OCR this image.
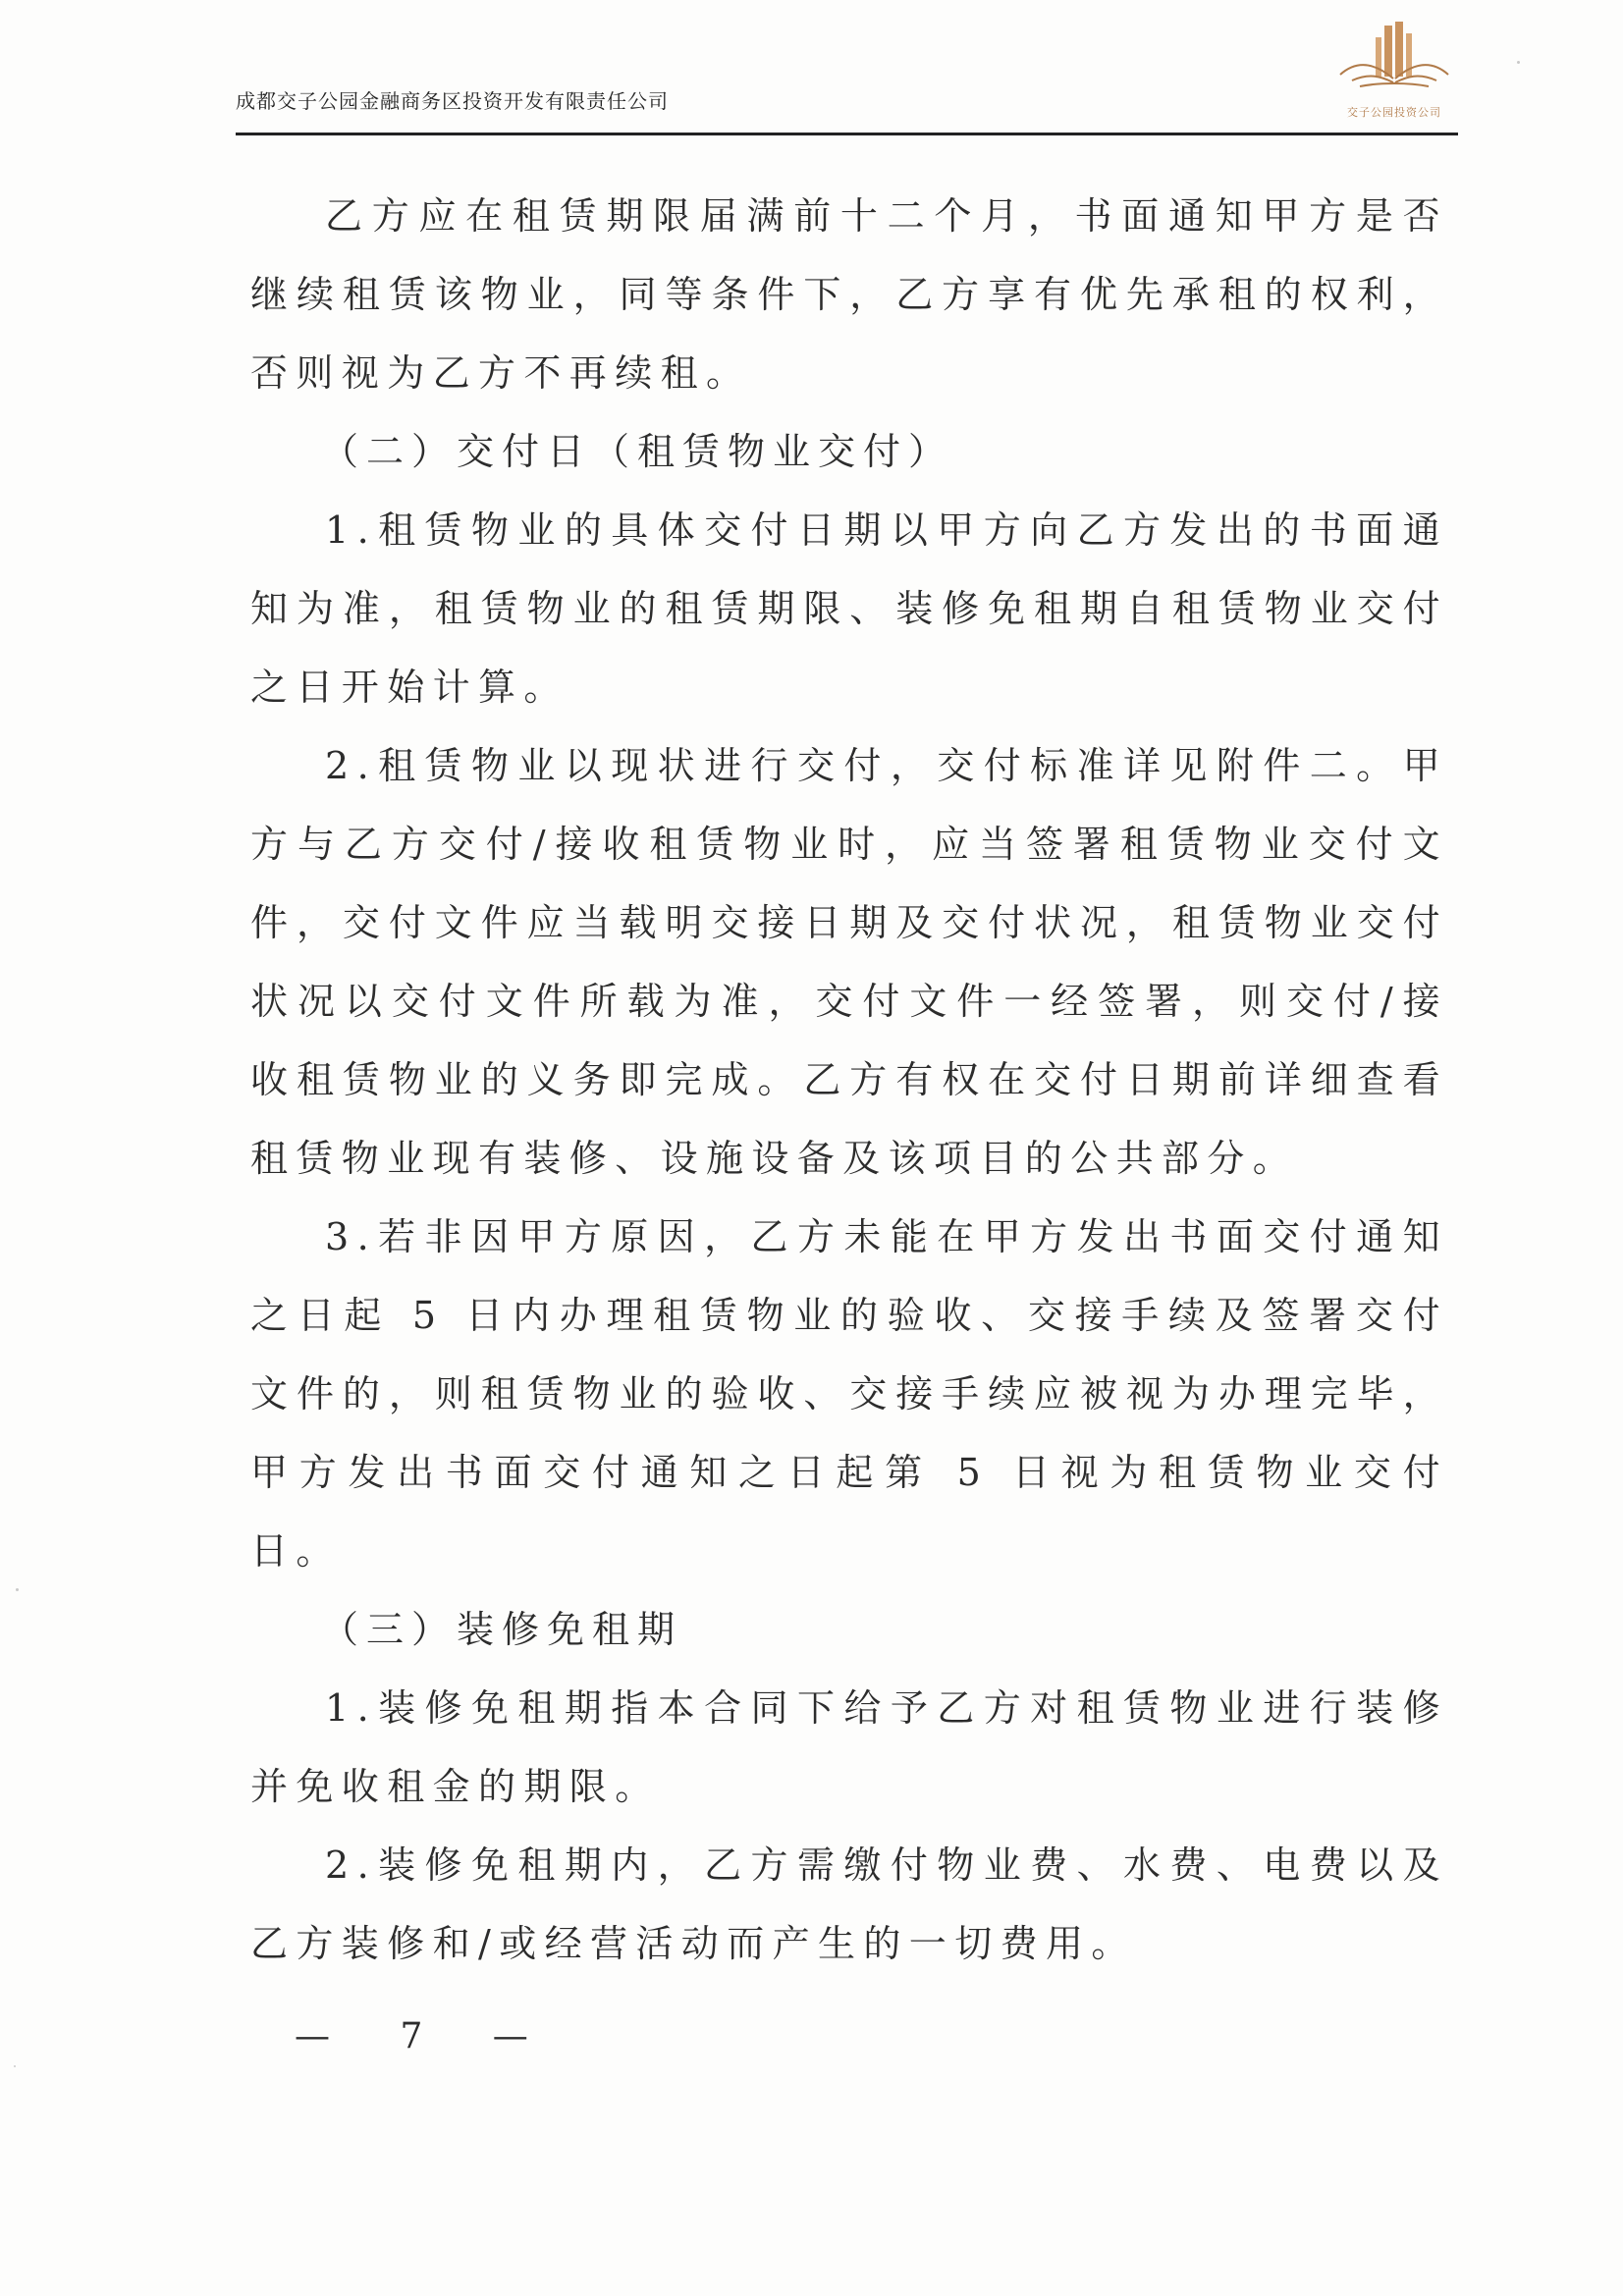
成都交子公园金融商务区投资开发有限责任公司	交子公园投资公司

乙方应在租赁期限届满前十二个月，书面通知甲方是否继续租赁该物业，同等条件下，乙方享有优先承租的权利，否则视为乙方不再续租。

（二）交付日（租赁物业交付）

1.租赁物业的具体交付日期以甲方向乙方发出的书面通知为准，租赁物业的租赁期限、装修免租期自租赁物业交付之日开始计算。

2.租赁物业以现状进行交付，交付标准详见附件二。甲方与乙方交付/接收租赁物业时，应当签署租赁物业交付文件，交付文件应当载明交接日期及交付状况，租赁物业交付状况以交付文件所载为准，交付文件一经签署，则交付/接收租赁物业的义务即完成。乙方有权在交付日期前详细查看租赁物业现有装修、设施设备及该项目的公共部分。

3.若非因甲方原因，乙方未能在甲方发出书面交付通知之日起 5 日内办理租赁物业的验收、交接手续及签署交付文件的，则租赁物业的验收、交接手续应被视为办理完毕，甲方发出书面交付通知之日起第 5 日视为租赁物业交付日。

（三）装修免租期

1.装修免租期指本合同下给予乙方对租赁物业进行装修并免收租金的期限。

2.装修免租期内，乙方需缴付物业费、水费、电费以及乙方装修和/或经营活动而产生的一切费用。

— 7 —
